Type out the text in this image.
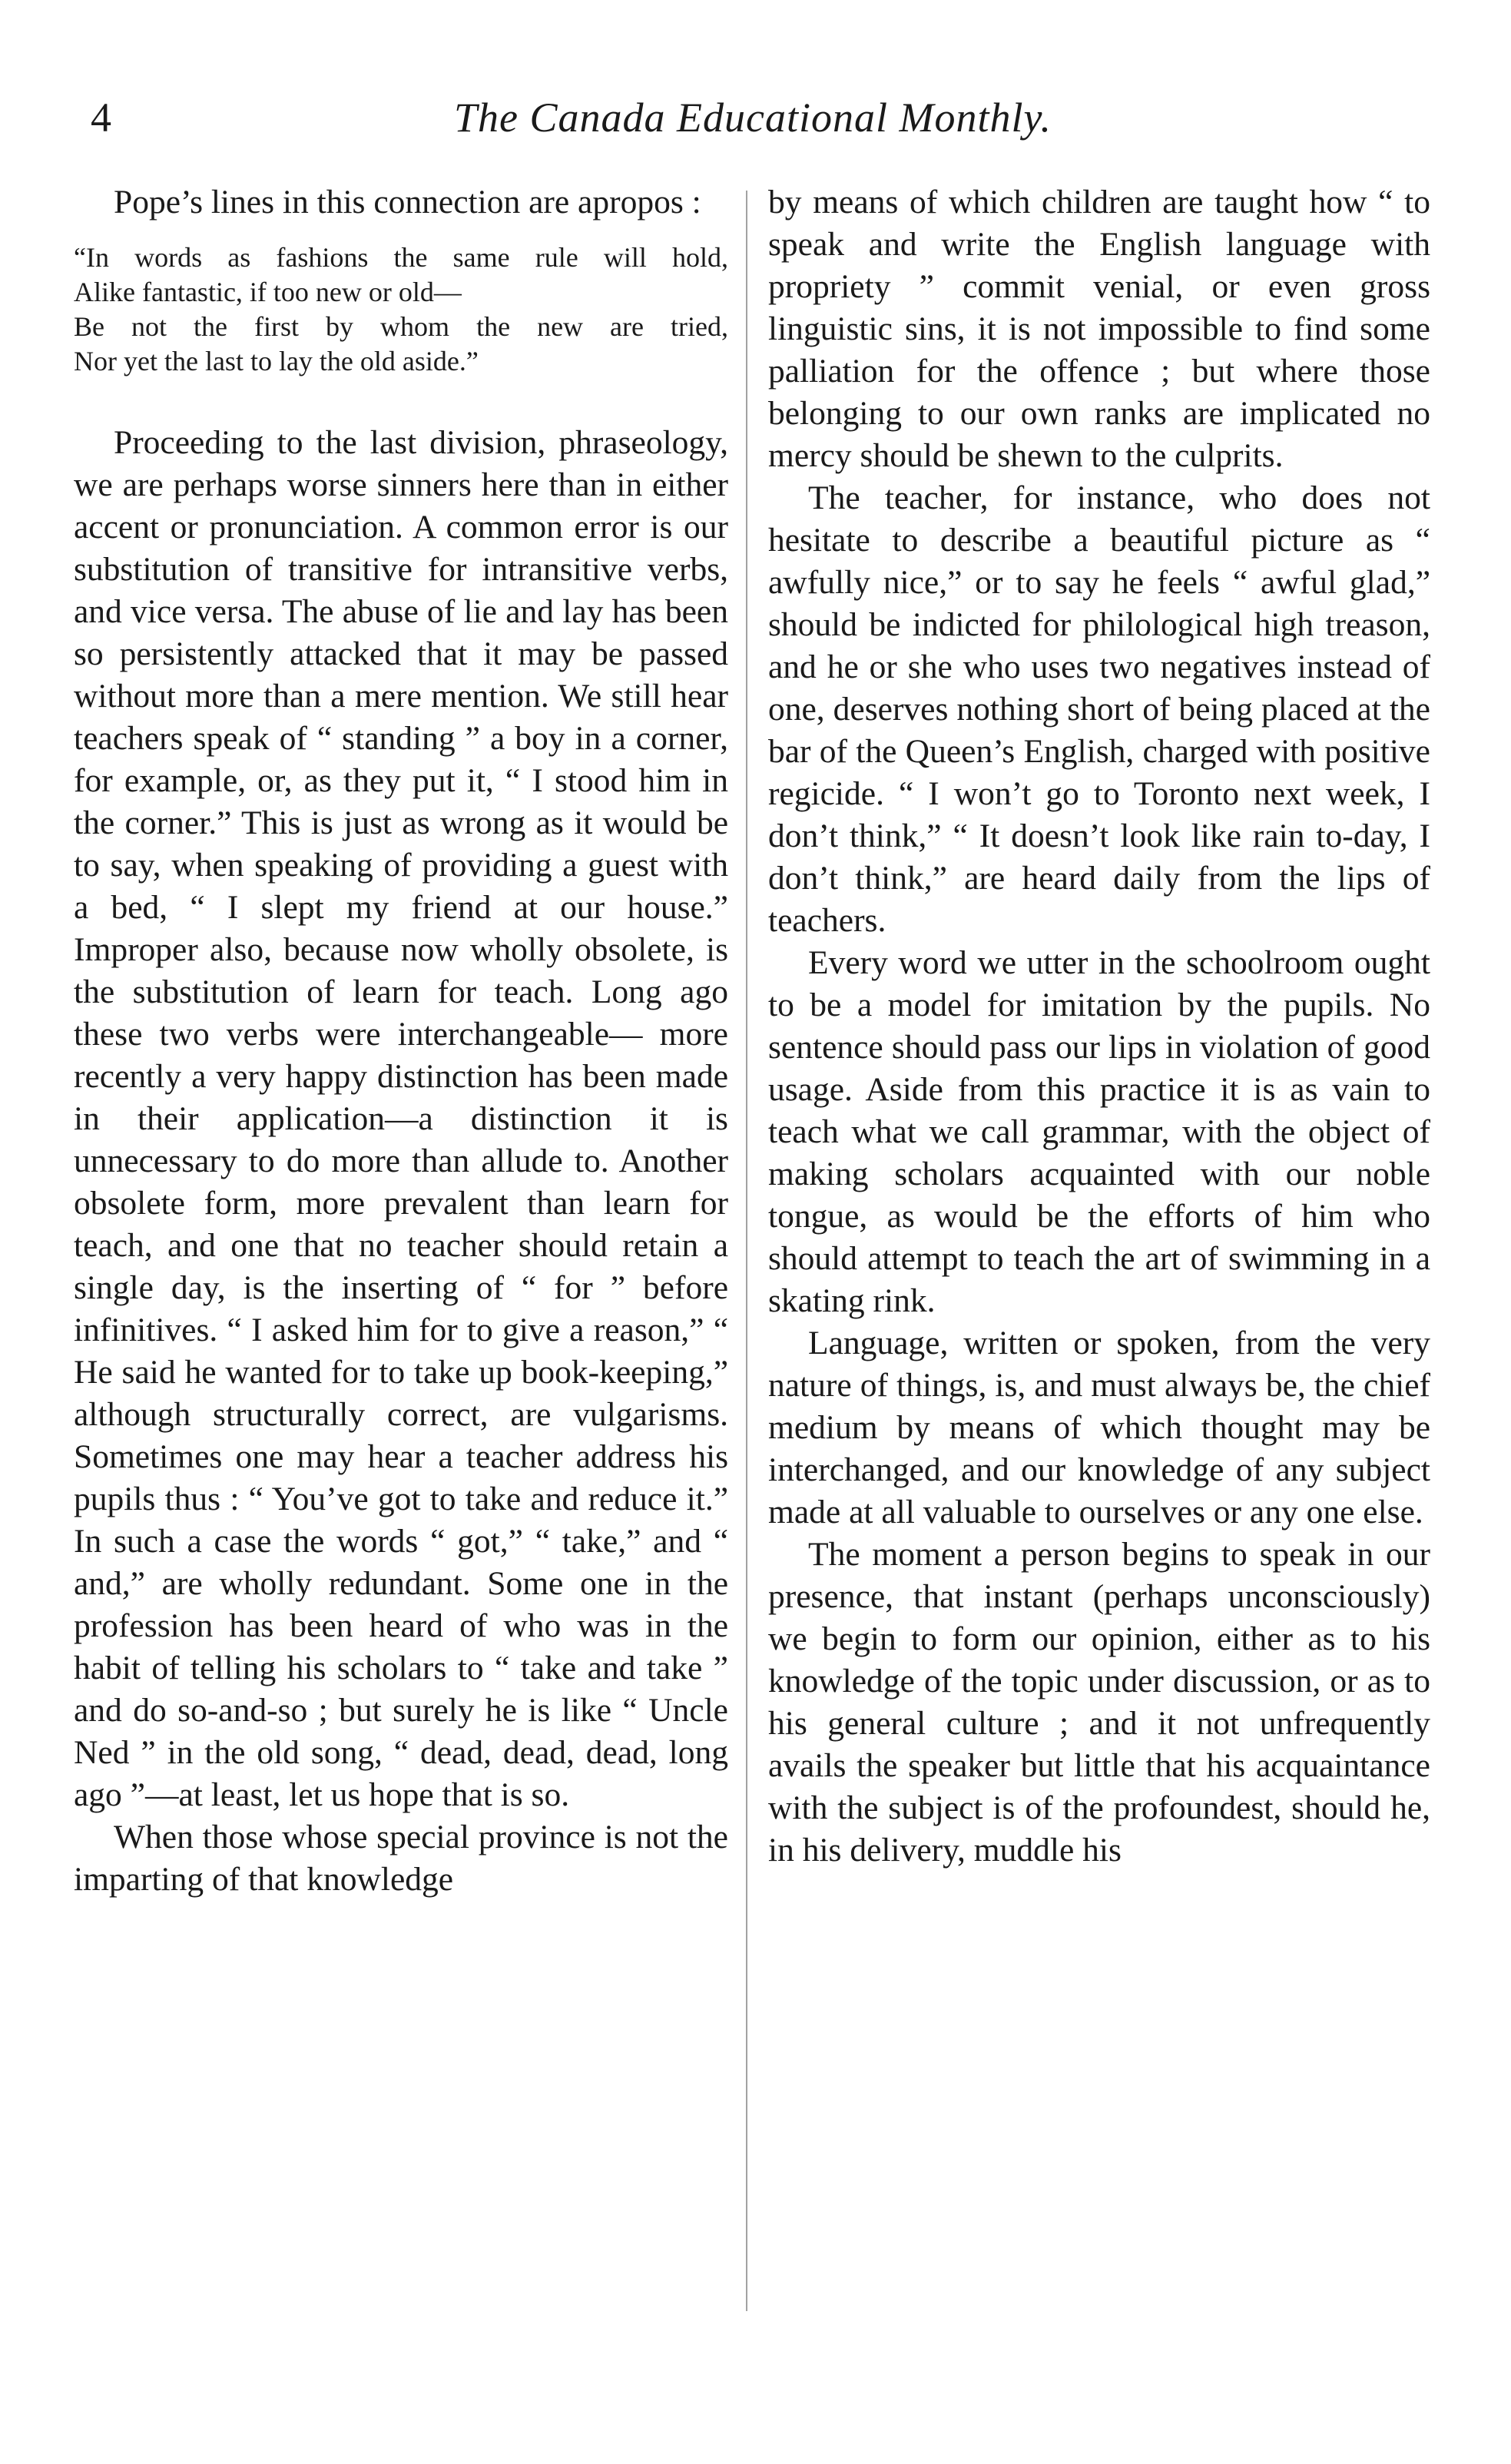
4	The Canada Educational Monthly.

Pope’s lines in this connection are apropos :

“In words as fashions the same rule will hold,
Alike fantastic, if too new or old—
Be not the first by whom the new are tried,
Nor yet the last to lay the old aside.”

Proceeding to the last division, phraseology, we are perhaps worse sinners here than in either accent or pronunciation. A common error is our substitution of transitive for intransitive verbs, and vice versa. The abuse of lie and lay has been so persistently attacked that it may be passed without more than a mere mention. We still hear teachers speak of “ standing ” a boy in a corner, for example, or, as they put it, “ I stood him in the corner.” This is just as wrong as it would be to say, when speaking of providing a guest with a bed, “ I slept my friend at our house.” Improper also, because now wholly obsolete, is the substitution of learn for teach. Long ago these two verbs were interchangeable— more recently a very happy distinction has been made in their application—a distinction it is unnecessary to do more than allude to. Another obsolete form, more prevalent than learn for teach, and one that no teacher should retain a single day, is the inserting of “ for ” before infinitives. “ I asked him for to give a reason,” “ He said he wanted for to take up book-keeping,” although structurally correct, are vulgarisms. Sometimes one may hear a teacher address his pupils thus : “ You’ve got to take and reduce it.” In such a case the words “ got,” “ take,” and “ and,” are wholly redundant. Some one in the profession has been heard of who was in the habit of telling his scholars to “ take and take ” and do so-and-so ; but surely he is like “ Uncle Ned ” in the old song, “ dead, dead, dead, long ago ”—at least, let us hope that is so.

When those whose special province is not the imparting of that knowledge

by means of which children are taught how “ to speak and write the English language with propriety ” commit venial, or even gross linguistic sins, it is not impossible to find some palliation for the offence ; but where those belonging to our own ranks are implicated no mercy should be shewn to the culprits.

The teacher, for instance, who does not hesitate to describe a beautiful picture as “ awfully nice,” or to say he feels “ awful glad,” should be indicted for philological high treason, and he or she who uses two negatives instead of one, deserves nothing short of being placed at the bar of the Queen’s English, charged with positive regicide. “ I won’t go to Toronto next week, I don’t think,” “ It doesn’t look like rain to-day, I don’t think,” are heard daily from the lips of teachers.

Every word we utter in the schoolroom ought to be a model for imitation by the pupils. No sentence should pass our lips in violation of good usage. Aside from this practice it is as vain to teach what we call grammar, with the object of making scholars acquainted with our noble tongue, as would be the efforts of him who should attempt to teach the art of swimming in a skating rink.

Language, written or spoken, from the very nature of things, is, and must always be, the chief medium by means of which thought may be interchanged, and our knowledge of any subject made at all valuable to ourselves or any one else.

The moment a person begins to speak in our presence, that instant (perhaps unconsciously) we begin to form our opinion, either as to his knowledge of the topic under discussion, or as to his general culture ; and it not unfrequently avails the speaker but little that his acquaintance with the subject is of the profoundest, should he, in his delivery, muddle his
